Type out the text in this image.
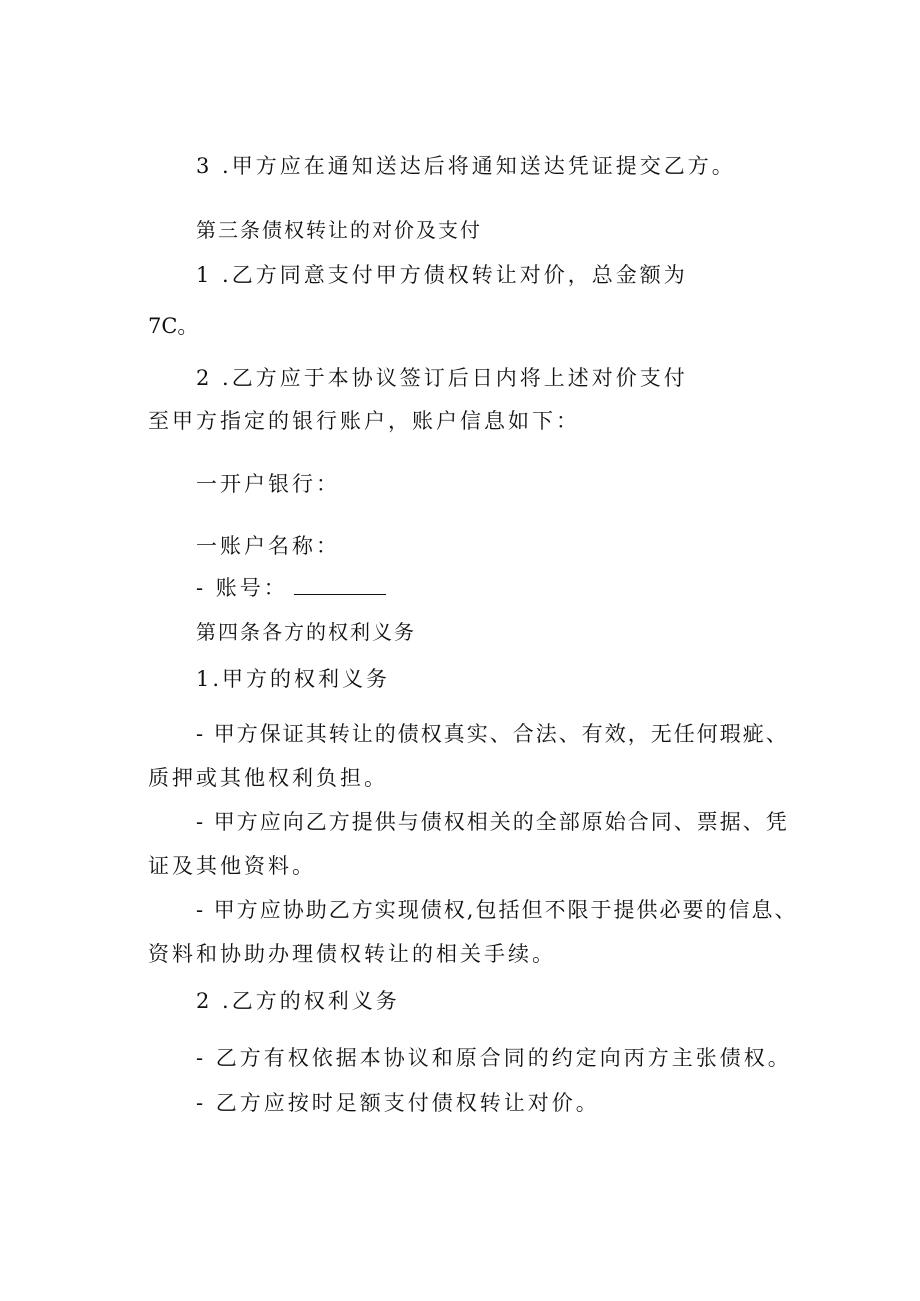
3 .甲方应在通知送达后将通知送达凭证提交乙方。
第三条债权转让的对价及支付
1 .乙方同意支付甲方债权转让对价，总金额为
7C。
2 .乙方应于本协议签订后日内将上述对价支付
至甲方指定的银行账户，账户信息如下：
一开户银行：
一账户名称：
- 账号：
第四条各方的权利义务
1.甲方的权利义务
- 甲方保证其转让的债权真实、合法、有效，无任何瑕疵、
质押或其他权利负担。
- 甲方应向乙方提供与债权相关的全部原始合同、票据、凭
证及其他资料。
- 甲方应协助乙方实现债权,包括但不限于提供必要的信息、
资料和协助办理债权转让的相关手续。
2 .乙方的权利义务
- 乙方有权依据本协议和原合同的约定向丙方主张债权。
- 乙方应按时足额支付债权转让对价。
